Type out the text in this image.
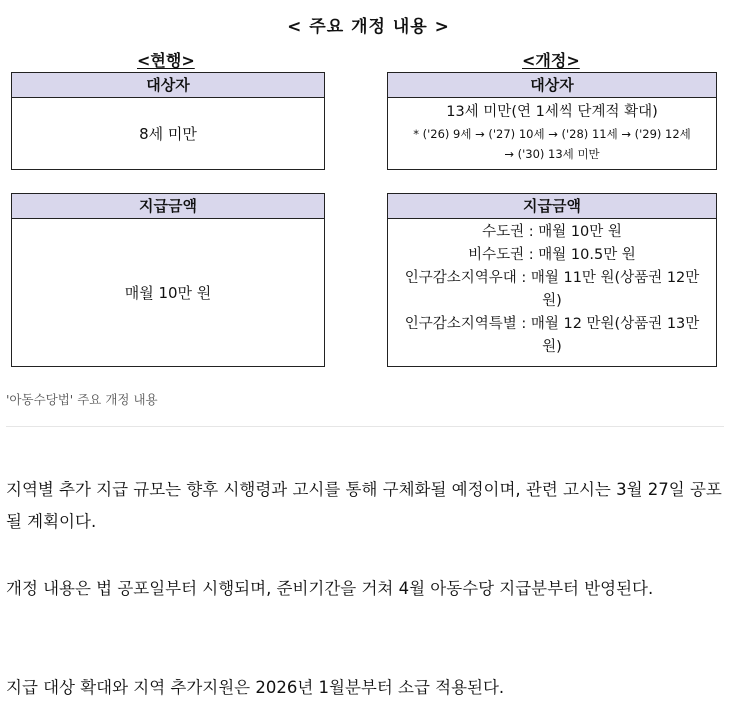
< 주요 개정 내용 >
<현행>
대상자
8세 미만
지급금액
매월 10만 원
<개정>
대상자
13세 미만(연 1세씩 단계적 확대)
* ('26) 9세 → ('27) 10세 → ('28) 11세 → ('29) 12세
→ ('30) 13세 미만
지급금액
수도권 : 매월 10만 원
비수도권 : 매월 10.5만 원
인구감소지역우대 : 매월 11만 원(상품권 12만 원)
인구감소지역특별 : 매월 12 만원(상품권 13만 원)
'아동수당법' 주요 개정 내용
지역별 추가 지급 규모는 향후 시행령과 고시를 통해 구체화될 예정이며, 관련 고시는 3월 27일 공포될 계획이다.
개정 내용은 법 공포일부터 시행되며, 준비기간을 거쳐 4월 아동수당 지급분부터 반영된다.
지급 대상 확대와 지역 추가지원은 2026년 1월분부터 소급 적용된다.
